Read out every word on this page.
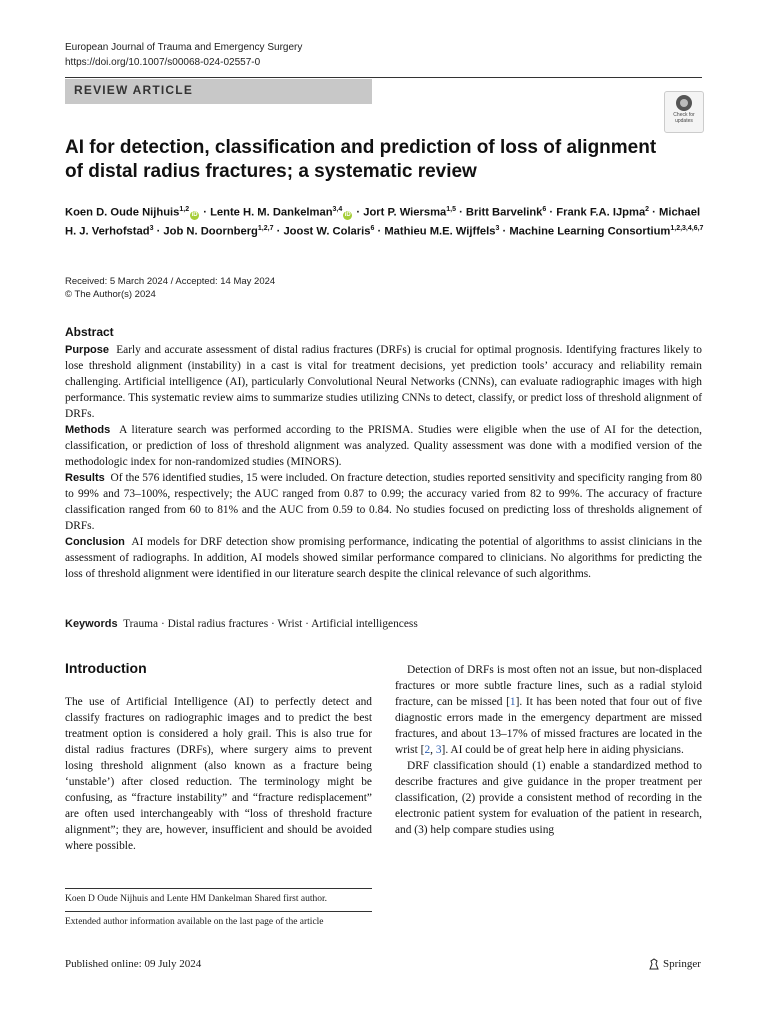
European Journal of Trauma and Emergency Surgery
https://doi.org/10.1007/s00068-024-02557-0
REVIEW ARTICLE
Check for
updates
AI for detection, classification and prediction of loss of alignment of distal radius fractures; a systematic review
Koen D. Oude Nijhuis$^{1,2}$iD · Lente H. M. Dankelman$^{3,4}$iD · Jort P. Wiersma$^{1,5}$ · Britt Barvelink$^6$ · Frank F.A. IJpma$^2$ · Michael H. J. Verhofstad$^3$ · Job N. Doornberg$^{1,2,7}$ · Joost W. Colaris$^6$ · Mathieu M.E. Wijffels$^3$ · Machine Learning Consortium$^{1,2,3,4,6,7}$
Received: 5 March 2024 / Accepted: 14 May 2024
© The Author(s) 2024
Abstract

Purpose Early and accurate assessment of distal radius fractures (DRFs) is crucial for optimal prognosis. Identifying fractures likely to lose threshold alignment (instability) in a cast is vital for treatment decisions, yet prediction tools’ accuracy and reliability remain challenging. Artificial intelligence (AI), particularly Convolutional Neural Networks (CNNs), can evaluate radiographic images with high performance. This systematic review aims to summarize studies utilizing CNNs to detect, classify, or predict loss of threshold alignment of DRFs.

Methods A literature search was performed according to the PRISMA. Studies were eligible when the use of AI for the detection, classification, or prediction of loss of threshold alignment was analyzed. Quality assessment was done with a modified version of the methodologic index for non-randomized studies (MINORS).

Results Of the 576 identified studies, 15 were included. On fracture detection, studies reported sensitivity and specificity ranging from 80 to 99% and 73–100%, respectively; the AUC ranged from 0.87 to 0.99; the accuracy varied from 82 to 99%. The accuracy of fracture classification ranged from 60 to 81% and the AUC from 0.59 to 0.84. No studies focused on predicting loss of thresholds alignement of DRFs.

Conclusion AI models for DRF detection show promising performance, indicating the potential of algorithms to assist clinicians in the assessment of radiographs. In addition, AI models showed similar performance compared to clinicians. No algorithms for predicting the loss of threshold alignment were identified in our literature search despite the clinical relevance of such algorithms.

Keywords Trauma · Distal radius fractures · Wrist · Artificial intelligencess
Introduction

The use of Artificial Intelligence (AI) to perfectly detect and classify fractures on radiographic images and to predict the best treatment option is considered a holy grail. This is also true for distal radius fractures (DRFs), where surgery aims to prevent losing threshold alignment (also known as a fracture being ‘unstable’) after closed reduction. The terminology might be confusing, as “fracture instability” and “fracture redisplacement” are often used interchangeably with “loss of threshold fracture alignment”; they are, however, insufficient and should be avoided where possible.

Detection of DRFs is most often not an issue, but non-displaced fractures or more subtle fracture lines, such as a radial styloid fracture, can be missed [1]. It has been noted that four out of five diagnostic errors made in the emergency department are missed fractures, and about 13–17% of missed fractures are located in the wrist [2, 3]. AI could be of great help here in aiding physicians.

DRF classification should (1) enable a standardized method to describe fractures and give guidance in the proper treatment per classification, (2) provide a consistent method of recording in the electronic patient system for evaluation of the patient in research, and (3) help compare studies using

Koen D Oude Nijhuis and Lente HM Dankelman Shared first author.
Extended author information available on the last page of the article
Published online: 09 July 2024	Springer
